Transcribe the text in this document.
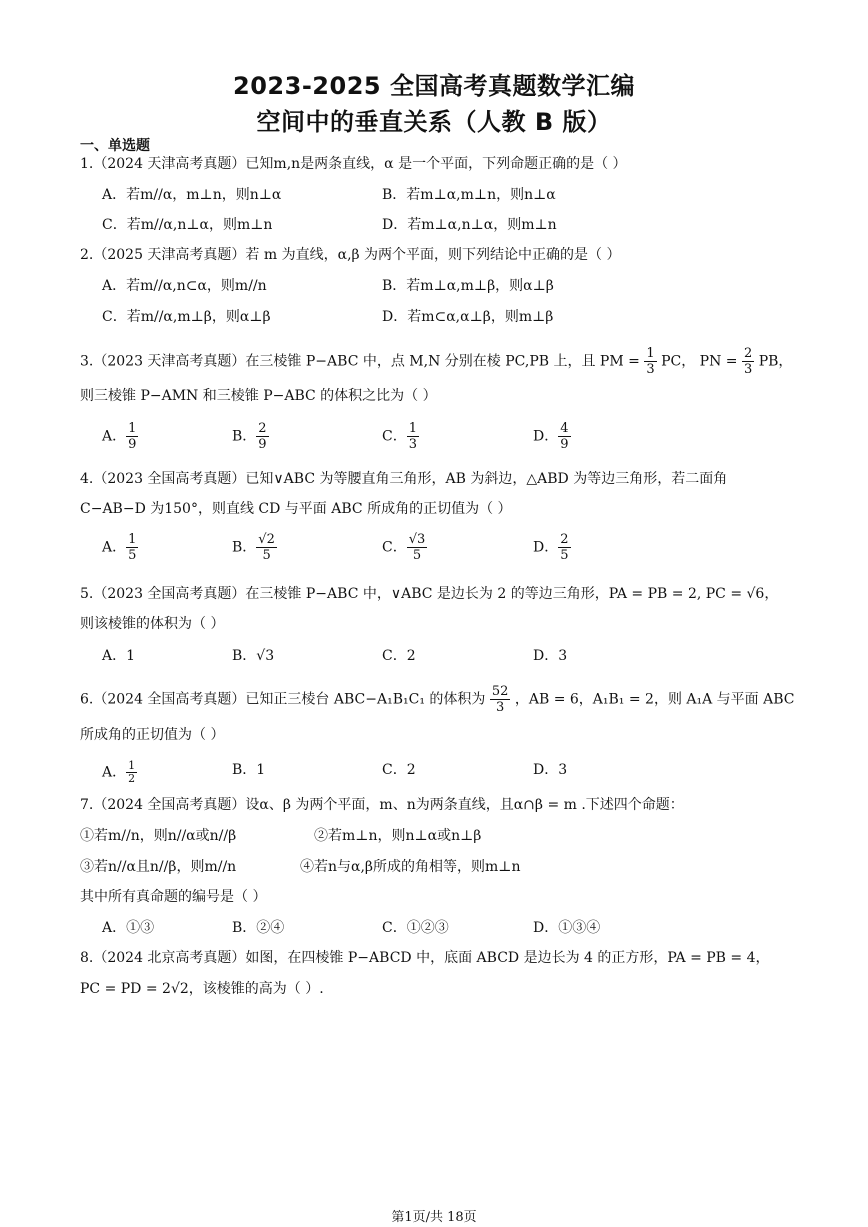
2023-2025 全国高考真题数学汇编
空间中的垂直关系（人教 B 版）
一、单选题
1.（2024 天津高考真题）已知m,n是两条直线，α 是一个平面，下列命题正确的是（ ）
A．若m//α，m⊥n，则n⊥α	B．若m⊥α,m⊥n，则n⊥α
C．若m//α,n⊥α，则m⊥n	D．若m⊥α,n⊥α，则m⊥n
2.（2025 天津高考真题）若 m 为直线，α,β 为两个平面，则下列结论中正确的是（ ）
A．若m//α,n⊂α，则m//n	B．若m⊥α,m⊥β，则α⊥β
C．若m//α,m⊥β，则α⊥β	D．若m⊂α,α⊥β，则m⊥β
3.（2023 天津高考真题）在三棱锥 P−ABC 中，点 M,N 分别在棱 PC,PB 上，且 PM = $\frac{1}{3}$ PC， PN = $\frac{2}{3}$ PB，
则三棱锥 P−AMN 和三棱锥 P−ABC 的体积之比为（ ）
A． $\frac{1}{9}$	B． $\frac{2}{9}$	C． $\frac{1}{3}$	D． $\frac{4}{9}$
4.（2023 全国高考真题）已知∨ABC 为等腰直角三角形，AB 为斜边，△ABD 为等边三角形，若二面角
C−AB−D 为150°，则直线 CD 与平面 ABC 所成角的正切值为（ ）
A． $\frac{1}{5}$	B． $\frac{√2}{5}$	C． $\frac{√3}{5}$	D． $\frac{2}{5}$
5.（2023 全国高考真题）在三棱锥 P−ABC 中，∨ABC 是边长为 2 的等边三角形，PA = PB = 2, PC = √6，
则该棱锥的体积为（ ）
A．1	B．√3	C．2	D．3
6.（2024 全国高考真题）已知正三棱台 ABC−A₁B₁C₁ 的体积为 $\frac{52}{3}$ ，AB = 6，A₁B₁ = 2，则 A₁A 与平面 ABC
所成角的正切值为（ ）
A． $\frac{1}{2}$	B．1	C．2	D．3
7.（2024 全国高考真题）设α、β 为两个平面，m、n为两条直线，且α∩β = m .下述四个命题：
①若m//n，则n//α或n//β	②若m⊥n，则n⊥α或n⊥β
③若n//α且n//β，则m//n	④若n与α,β所成的角相等，则m⊥n
其中所有真命题的编号是（ ）
A．①③	B．②④	C．①②③	D．①③④
8.（2024 北京高考真题）如图，在四棱锥 P−ABCD 中，底面 ABCD 是边长为 4 的正方形，PA = PB = 4，
PC = PD = 2√2，该棱锥的高为（ ）.
第1页/共 18页
